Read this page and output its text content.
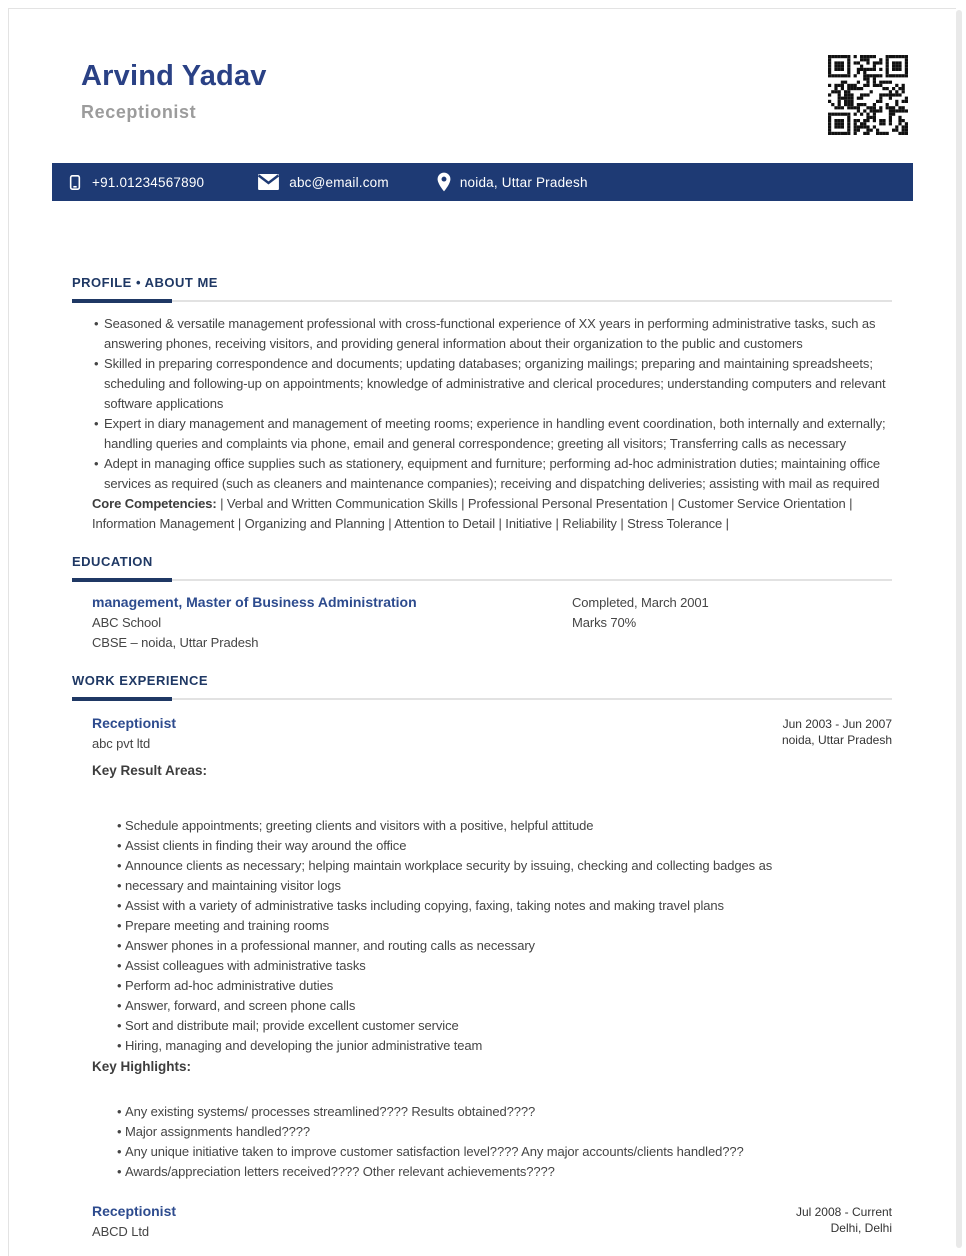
Arvind Yadav
Receptionist
+91.01234567890	abc@email.com	noida, Uttar Pradesh
PROFILE • ABOUT ME
• Seasoned & versatile management professional with cross-functional experience of XX years in performing administrative tasks, such as answering phones, receiving visitors, and providing general information about their organization to the public and customers
• Skilled in preparing correspondence and documents; updating databases; organizing mailings; preparing and maintaining spreadsheets; scheduling and following-up on appointments; knowledge of administrative and clerical procedures; understanding computers and relevant software applications
• Expert in diary management and management of meeting rooms; experience in handling event coordination, both internally and externally; handling queries and complaints via phone, email and general correspondence; greeting all visitors; Transferring calls as necessary
• Adept in managing office supplies such as stationery, equipment and furniture; performing ad-hoc administration duties; maintaining office services as required (such as cleaners and maintenance companies); receiving and dispatching deliveries; assisting with mail as required

Core Competencies: | Verbal and Written Communication Skills | Professional Personal Presentation | Customer Service Orientation | Information Management | Organizing and Planning | Attention to Detail | Initiative | Reliability | Stress Tolerance |

EDUCATION
management, Master of Business Administration
ABC School
CBSE – noida, Uttar Pradesh
Completed, March 2001
Marks 70%
WORK EXPERIENCE
Receptionist
abc pvt ltd
Jun 2003 - Jun 2007
noida, Uttar Pradesh

Key Result Areas:

• Schedule appointments; greeting clients and visitors with a positive, helpful attitude
• Assist clients in finding their way around the office
• Announce clients as necessary; helping maintain workplace security by issuing, checking and collecting badges as
• necessary and maintaining visitor logs
• Assist with a variety of administrative tasks including copying, faxing, taking notes and making travel plans
• Prepare meeting and training rooms
• Answer phones in a professional manner, and routing calls as necessary
• Assist colleagues with administrative tasks
• Perform ad-hoc administrative duties
• Answer, forward, and screen phone calls
• Sort and distribute mail; provide excellent customer service
• Hiring, managing and developing the junior administrative team

Key Highlights:

• Any existing systems/ processes streamlined???? Results obtained????
• Major assignments handled????
• Any unique initiative taken to improve customer satisfaction level???? Any major accounts/clients handled???
• Awards/appreciation letters received???? Other relevant achievements????
Receptionist
ABCD Ltd
Jul 2008 - Current
Delhi, Delhi
